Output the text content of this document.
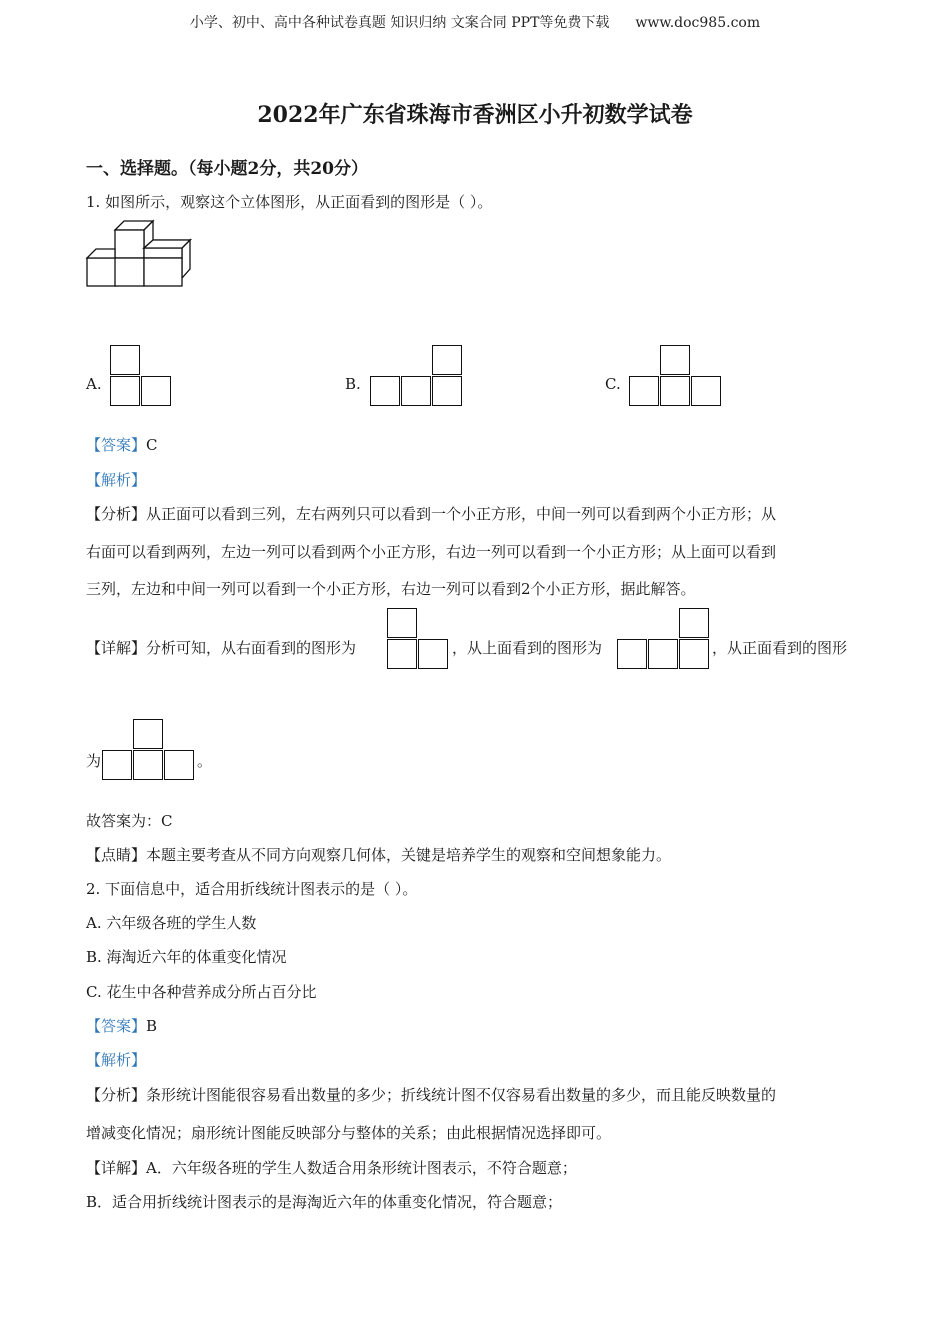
小学、初中、高中各种试卷真题 知识归纳 文案合同 PPT等免费下载 www.doc985.com
2022年广东省珠海市香洲区小升初数学试卷
一、选择题。（每小题2分，共20分）
1. 如图所示，观察这个立体图形，从正面看到的图形是（ ）。
A.	B.	C.
【答案】C
【解析】
【分析】从正面可以看到三列，左右两列只可以看到一个小正方形，中间一列可以看到两个小正方形；从
右面可以看到两列，左边一列可以看到两个小正方形，右边一列可以看到一个小正方形；从上面可以看到
三列，左边和中间一列可以看到一个小正方形，右边一列可以看到2个小正方形，据此解答。
【详解】分析可知，从右面看到的图形为	，从上面看到的图形为	，从正面看到的图形
为	。
故答案为：C
【点睛】本题主要考查从不同方向观察几何体，关键是培养学生的观察和空间想象能力。
2. 下面信息中，适合用折线统计图表示的是（ ）。
A. 六年级各班的学生人数
B. 海淘近六年的体重变化情况
C. 花生中各种营养成分所占百分比
【答案】B
【解析】
【分析】条形统计图能很容易看出数量的多少；折线统计图不仅容易看出数量的多少，而且能反映数量的
增减变化情况；扇形统计图能反映部分与整体的关系；由此根据情况选择即可。
【详解】A．六年级各班的学生人数适合用条形统计图表示，不符合题意；
B．适合用折线统计图表示的是海淘近六年的体重变化情况，符合题意；
